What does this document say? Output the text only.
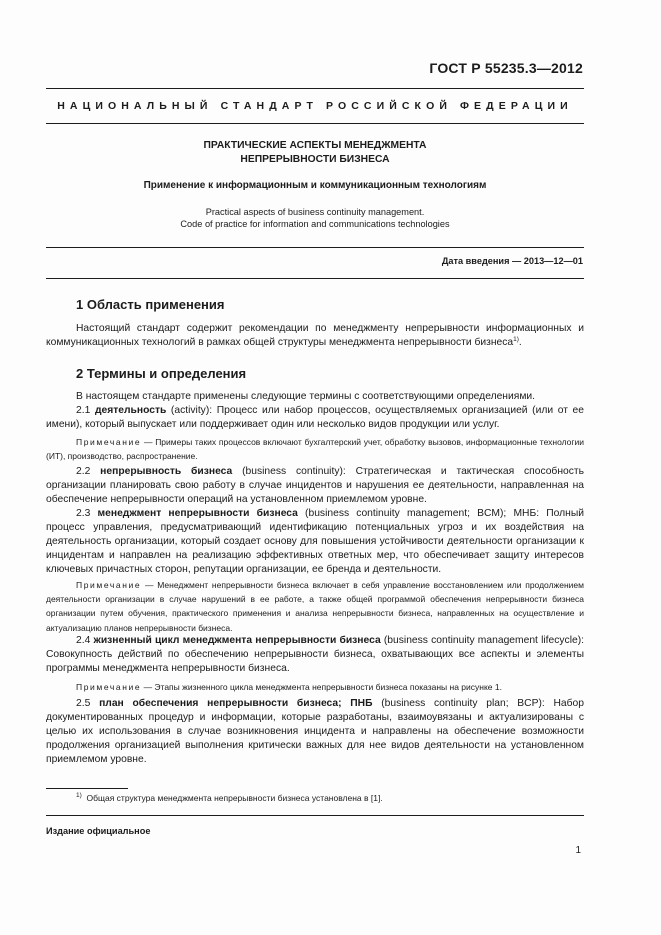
ГОСТ Р 55235.3—2012
НАЦИОНАЛЬНЫЙ СТАНДАРТ РОССИЙСКОЙ ФЕДЕРАЦИИ
ПРАКТИЧЕСКИЕ АСПЕКТЫ МЕНЕДЖМЕНТА
НЕПРЕРЫВНОСТИ БИЗНЕСА
Применение к информационным и коммуникационным технологиям
Practical aspects of business continuity management.
Code of practice for information and communications technologies
Дата введения — 2013—12—01
1 Область применения
Настоящий стандарт содержит рекомендации по менеджменту непрерывности информационных и коммуникационных технологий в рамках общей структуры менеджмента непрерывности бизнеса$^{1)}$.
2 Термины и определения
В настоящем стандарте применены следующие термины с соответствующими определениями.
2.1 деятельность (activity): Процесс или набор процессов, осуществляемых организацией (или от ее имени), который выпускает или поддерживает один или несколько видов продукции или услуг.
Примечание — Примеры таких процессов включают бухгалтерский учет, обработку вызовов, информационные технологии (ИТ), производство, распространение.
2.2 непрерывность бизнеса (business continuity): Стратегическая и тактическая способность организации планировать свою работу в случае инцидентов и нарушения ее деятельности, направленная на обеспечение непрерывности операций на установленном приемлемом уровне.
2.3 менеджмент непрерывности бизнеса (business continuity management; BCM); МНБ: Полный процесс управления, предусматривающий идентификацию потенциальных угроз и их воздействия на деятельность организации, который создает основу для повышения устойчивости деятельности организации к инцидентам и направлен на реализацию эффективных ответных мер, что обеспечивает защиту интересов ключевых причастных сторон, репутации организации, ее бренда и деятельности.
Примечание — Менеджмент непрерывности бизнеса включает в себя управление восстановлением или продолжением деятельности организации в случае нарушений в ее работе, а также общей программой обеспечения непрерывности бизнеса организации путем обучения, практического применения и анализа непрерывности бизнеса, направленных на осуществление и актуализацию планов непрерывности бизнеса.
2.4 жизненный цикл менеджмента непрерывности бизнеса (business continuity management lifecycle): Совокупность действий по обеспечению непрерывности бизнеса, охватывающих все аспекты и элементы программы менеджмента непрерывности бизнеса.
Примечание — Этапы жизненного цикла менеджмента непрерывности бизнеса показаны на рисунке 1.
2.5 план обеспечения непрерывности бизнеса; ПНБ (business continuity plan; BCP): Набор документированных процедур и информации, которые разработаны, взаимоувязаны и актуализированы с целью их использования в случае возникновения инцидента и направлены на обеспечение возможности продолжения организацией выполнения критически важных для нее видов деятельности на установленном приемлемом уровне.
$^{1)}$ Общая структура менеджмента непрерывности бизнеса установлена в [1].
Издание официальное
1
